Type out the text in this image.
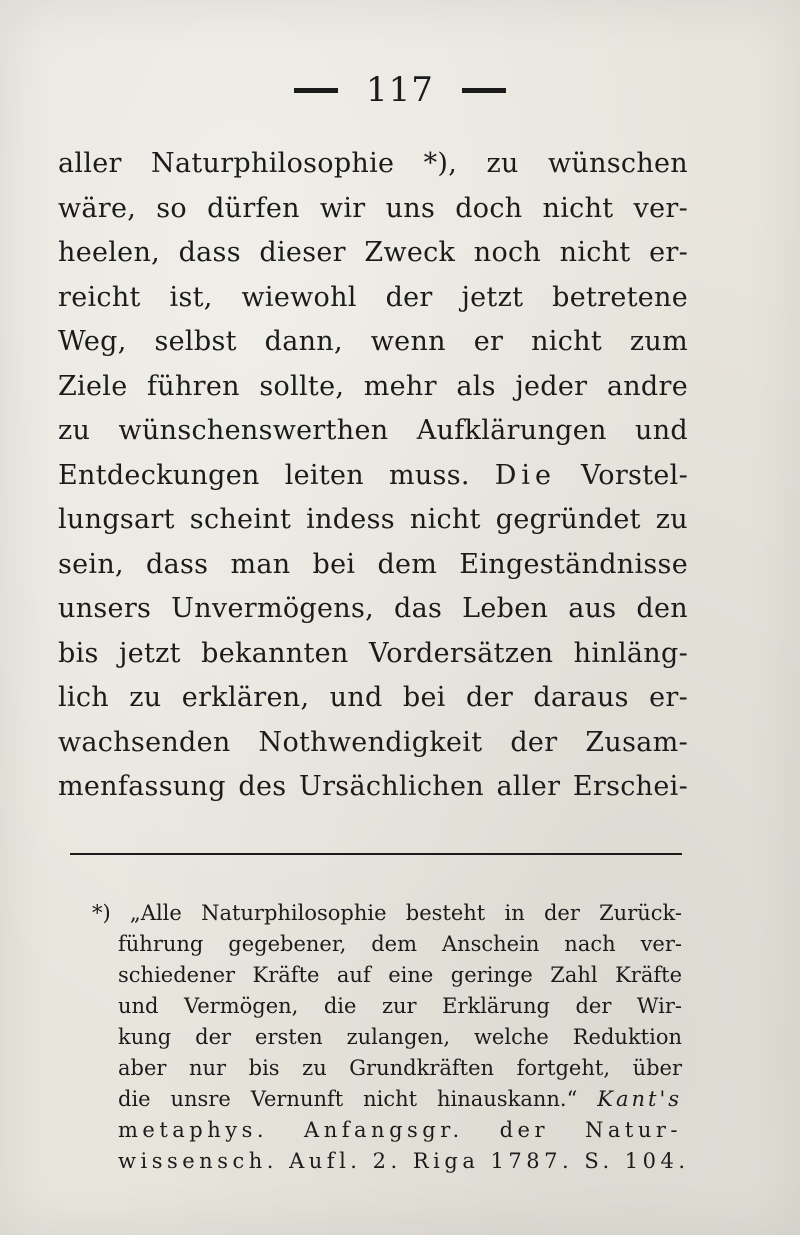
117
aller Naturphilosophie *), zu wünschen
wäre, so dürfen wir uns doch nicht ver-
heelen, dass dieser Zweck noch nicht er-
reicht ist, wiewohl der jetzt betretene
Weg, selbst dann, wenn er nicht zum
Ziele führen sollte, mehr als jeder andre
zu wünschenswerthen Aufklärungen und
Entdeckungen leiten muss. Die Vorstel-
lungsart scheint indess nicht gegründet zu
sein, dass man bei dem Eingeständnisse
unsers Unvermögens, das Leben aus den
bis jetzt bekannten Vordersätzen hinläng-
lich zu erklären, und bei der daraus er-
wachsenden Nothwendigkeit der Zusam-
menfassung des Ursächlichen aller Erschei-
*) „Alle Naturphilosophie besteht in der Zurück-
führung gegebener, dem Anschein nach ver-
schiedener Kräfte auf eine geringe Zahl Kräfte
und Vermögen, die zur Erklärung der Wir-
kung der ersten zulangen, welche Reduktion
aber nur bis zu Grundkräften fortgeht, über
die unsre Vernunft nicht hinauskann.“ Kant's
metaphys. Anfangsgr. der Natur-
wissensch. Aufl. 2. Riga 1787. S. 104.
